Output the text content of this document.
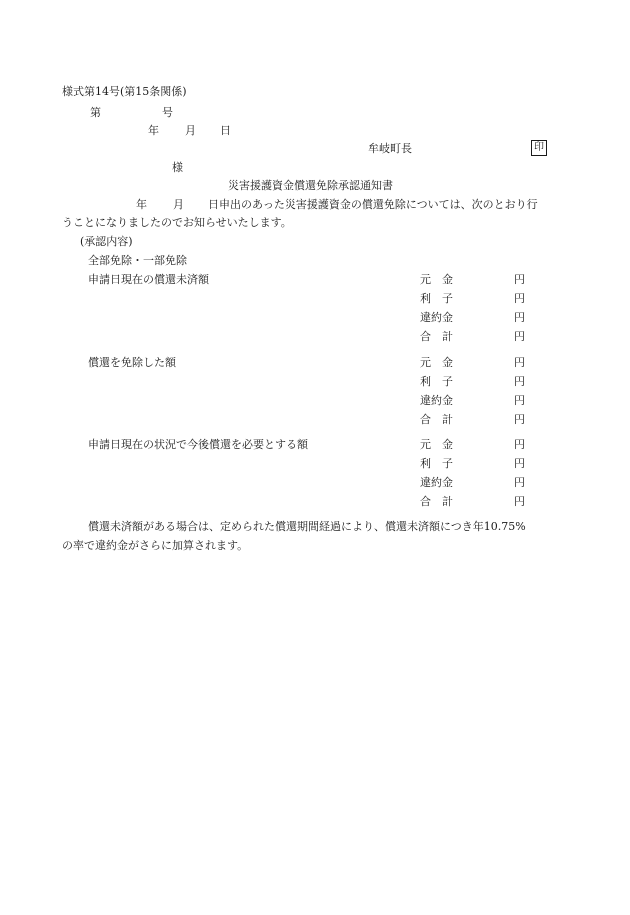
様式第14号(第15条関係)
第	号
年 月 日
牟岐町長	印
様
災害援護資金償還免除承認通知書
年 月 日申出のあった災害援護資金の償還免除については、次のとおり行
うことになりましたのでお知らせいたします。
(承認内容)
全部免除・一部免除
申請日現在の償還未済額	元　金	円
利　子	円
違約金	円
合　計	円
償還を免除した額	元　金	円
利　子	円
違約金	円
合　計	円
申請日現在の状況で今後償還を必要とする額	元　金	円
利　子	円
違約金	円
合　計	円
償還未済額がある場合は、定められた償還期間経過により、償還未済額につき年10.75%
の率で違約金がさらに加算されます。
